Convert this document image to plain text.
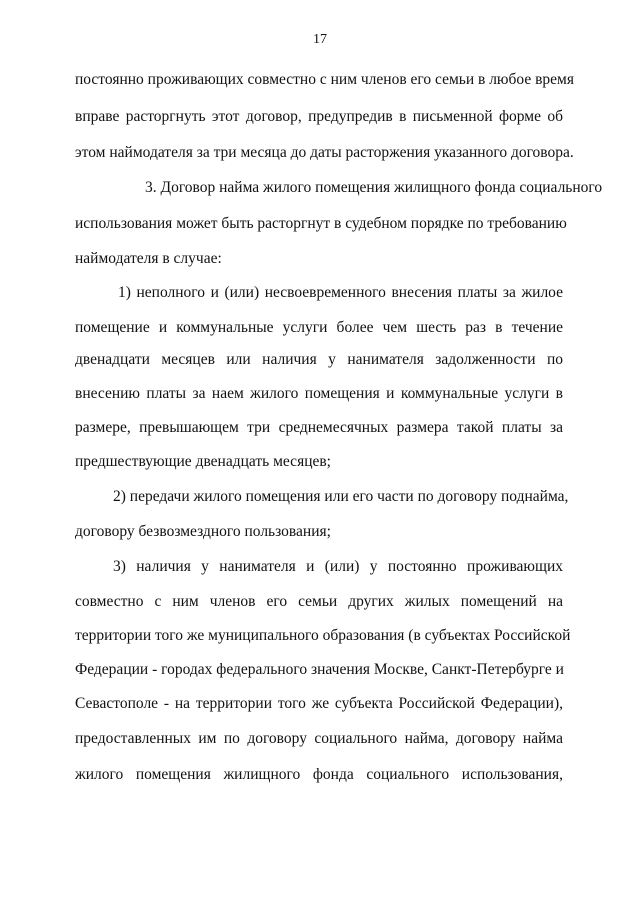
17
постоянно проживающих совместно с ним членов его семьи в любое время
вправе расторгнуть этот договор, предупредив в письменной форме об
этом наймодателя за три месяца до даты расторжения указанного договора.
3. Договор найма жилого помещения жилищного фонда социального
использования может быть расторгнут в судебном порядке по требованию
наймодателя в случае:
1) неполного и (или) несвоевременного внесения платы за жилое
помещение и коммунальные услуги более чем шесть раз в течение
двенадцати месяцев или наличия у нанимателя задолженности по
внесению платы за наем жилого помещения и коммунальные услуги в
размере, превышающем три среднемесячных размера такой платы за
предшествующие двенадцать месяцев;
2) передачи жилого помещения или его части по договору поднайма,
договору безвозмездного пользования;
3) наличия у нанимателя и (или) у постоянно проживающих
совместно с ним членов его семьи других жилых помещений на
территории того же муниципального образования (в субъектах Российской
Федерации - городах федерального значения Москве, Санкт-Петербурге и
Севастополе - на территории того же субъекта Российской Федерации),
предоставленных им по договору социального найма, договору найма
жилого помещения жилищного фонда социального использования,
